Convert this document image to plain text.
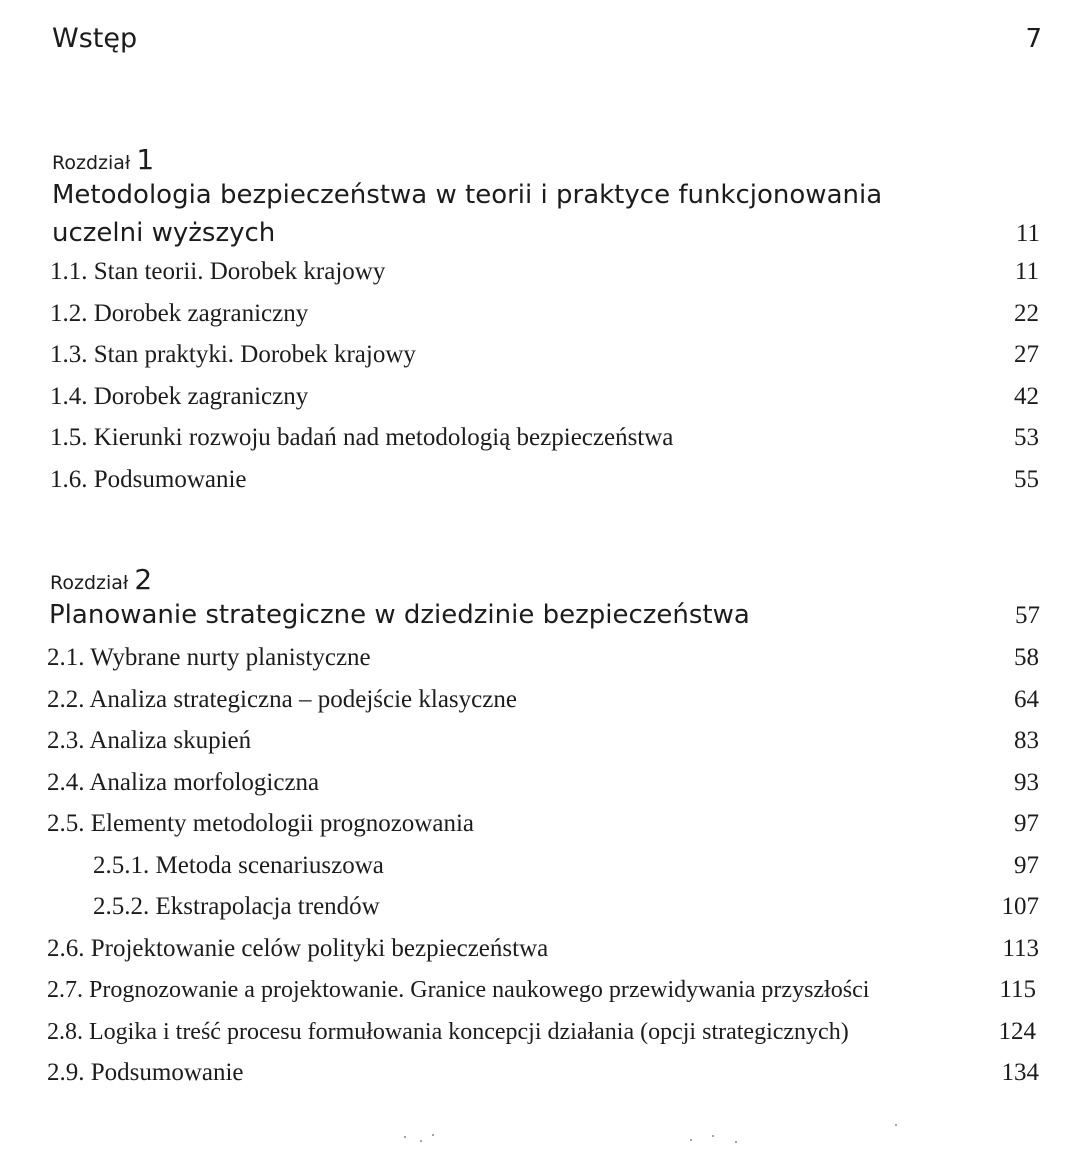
Wstęp	7
Rozdział 1
Metodologia bezpieczeństwa w teorii i praktyce funkcjonowania uczelni wyższych	11
1.1. Stan teorii. Dorobek krajowy	11
1.2. Dorobek zagraniczny	22
1.3. Stan praktyki. Dorobek krajowy	27
1.4. Dorobek zagraniczny	42
1.5. Kierunki rozwoju badań nad metodologią bezpieczeństwa	53
1.6. Podsumowanie	55
Rozdział 2
Planowanie strategiczne w dziedzinie bezpieczeństwa	57
2.1. Wybrane nurty planistyczne	58
2.2. Analiza strategiczna – podejście klasyczne	64
2.3. Analiza skupień	83
2.4. Analiza morfologiczna	93
2.5. Elementy metodologii prognozowania	97
2.5.1. Metoda scenariuszowa	97
2.5.2. Ekstrapolacja trendów	107
2.6. Projektowanie celów polityki bezpieczeństwa	113
2.7. Prognozowanie a projektowanie. Granice naukowego przewidywania przyszłości	115
2.8. Logika i treść procesu formułowania koncepcji działania (opcji strategicznych)	124
2.9. Podsumowanie	134
